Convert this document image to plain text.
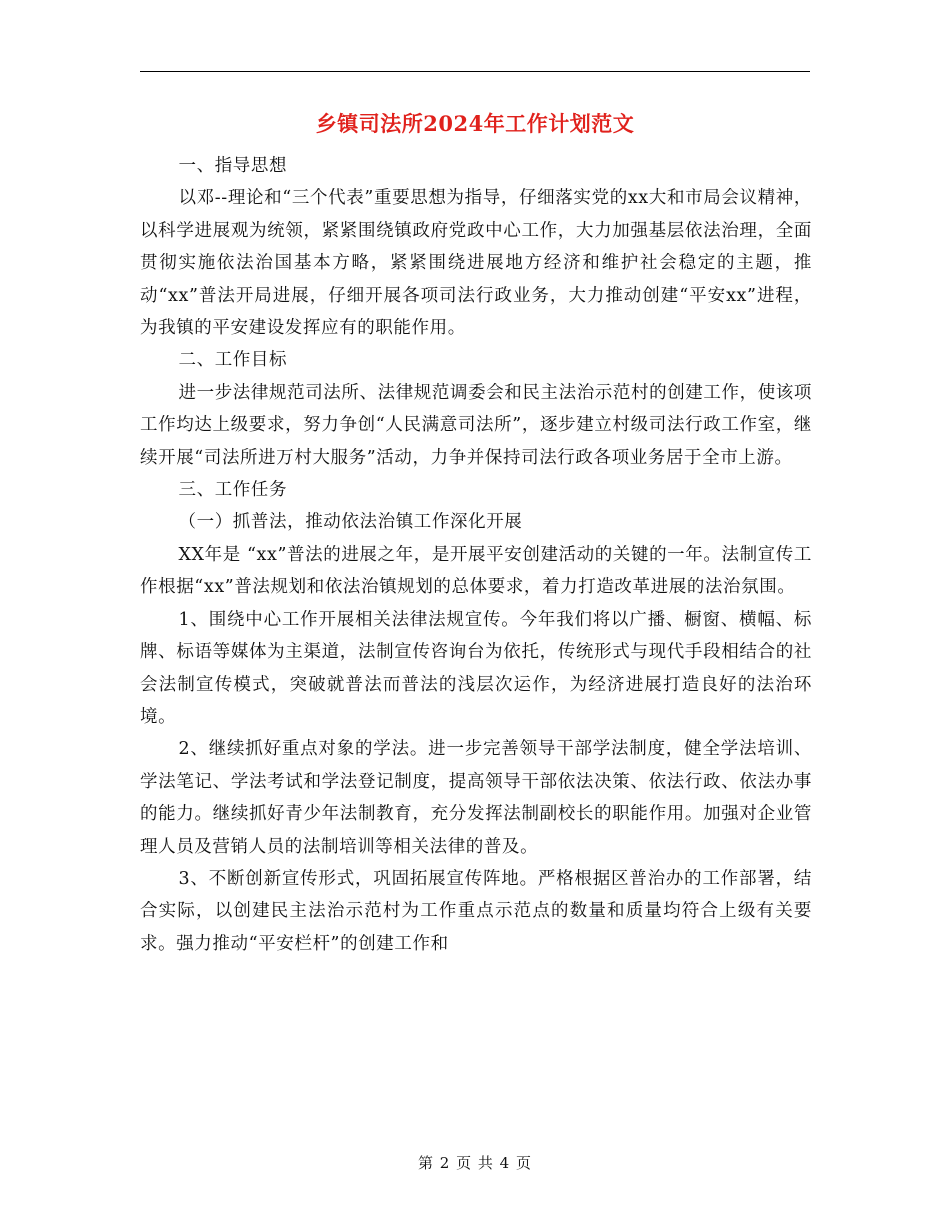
乡镇司法所2024年工作计划范文

一、指导思想

以邓--理论和“三个代表”重要思想为指导，仔细落实党的xx大和市局会议精神，以科学进展观为统领，紧紧围绕镇政府党政中心工作，大力加强基层依法治理，全面贯彻实施依法治国基本方略，紧紧围绕进展地方经济和维护社会稳定的主题，推动“xx”普法开局进展，仔细开展各项司法行政业务，大力推动创建“平安xx”进程，为我镇的平安建设发挥应有的职能作用。

二、工作目标

进一步法律规范司法所、法律规范调委会和民主法治示范村的创建工作，使该项工作均达上级要求，努力争创“人民满意司法所”，逐步建立村级司法行政工作室，继续开展“司法所进万村大服务”活动，力争并保持司法行政各项业务居于全市上游。

三、工作任务

（一）抓普法，推动依法治镇工作深化开展

XX年是 “xx”普法的进展之年，是开展平安创建活动的关键的一年。法制宣传工作根据“xx”普法规划和依法治镇规划的总体要求，着力打造改革进展的法治氛围。

1、围绕中心工作开展相关法律法规宣传。今年我们将以广播、橱窗、横幅、标牌、标语等媒体为主渠道，法制宣传咨询台为依托，传统形式与现代手段相结合的社会法制宣传模式，突破就普法而普法的浅层次运作，为经济进展打造良好的法治环境。

2、继续抓好重点对象的学法。进一步完善领导干部学法制度，健全学法培训、学法笔记、学法考试和学法登记制度，提高领导干部依法决策、依法行政、依法办事的能力。继续抓好青少年法制教育，充分发挥法制副校长的职能作用。加强对企业管理人员及营销人员的法制培训等相关法律的普及。

3、不断创新宣传形式，巩固拓展宣传阵地。严格根据区普治办的工作部署，结合实际，以创建民主法治示范村为工作重点示范点的数量和质量均符合上级有关要求。强力推动“平安栏杆”的创建工作和

第 2 页 共 4 页
